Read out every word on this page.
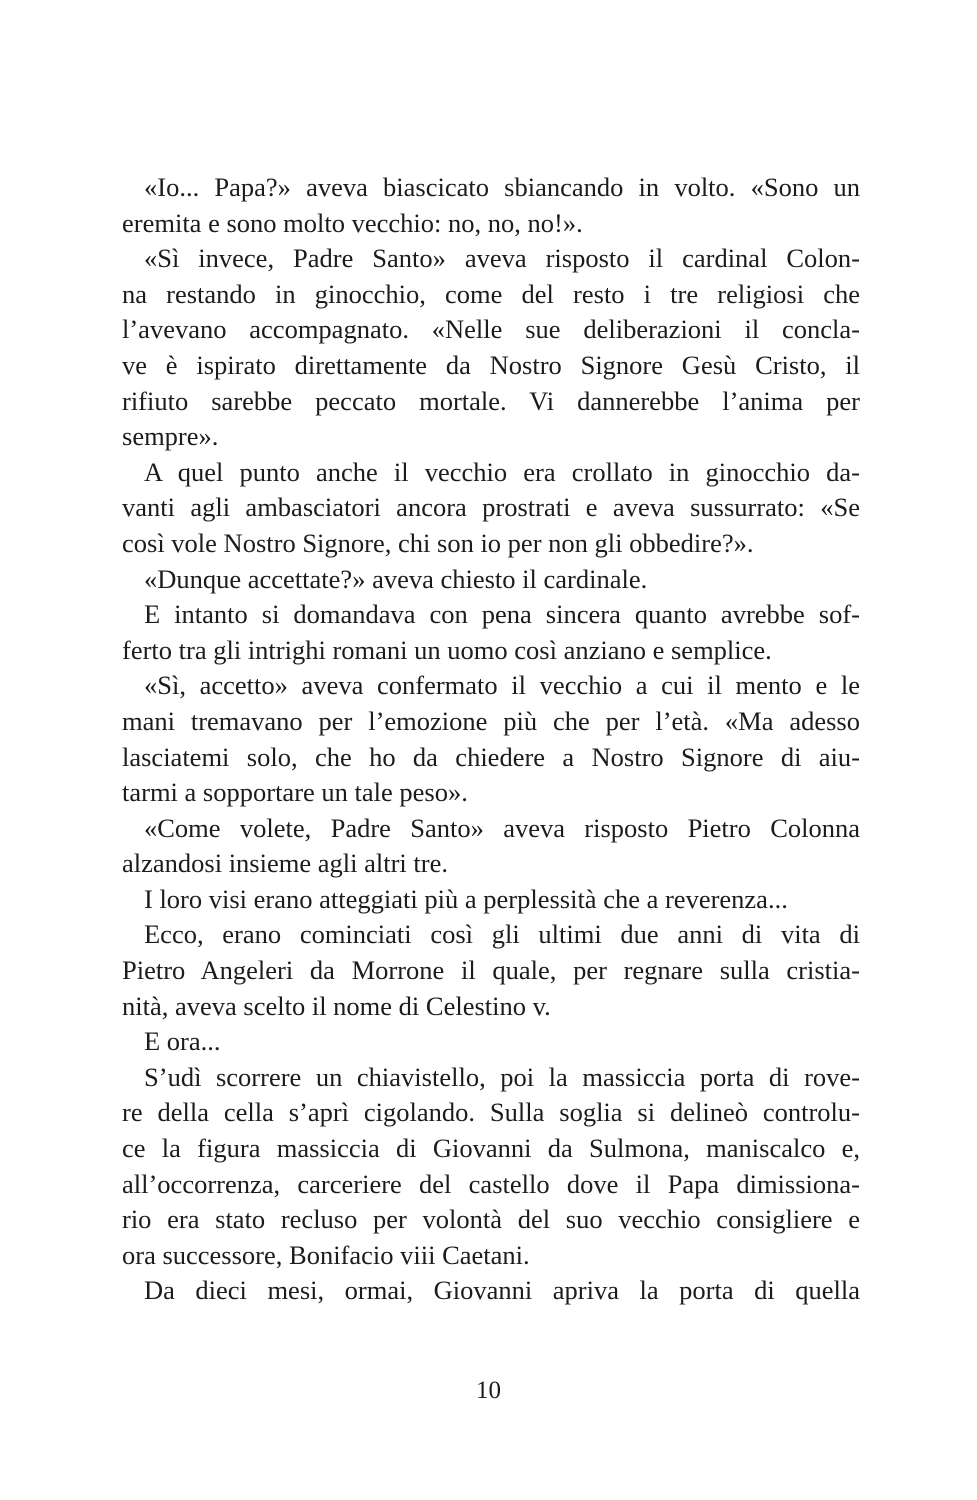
«Io... Papa?» aveva biascicato sbiancando in volto. «Sono un
eremita e sono molto vecchio: no, no, no!».
«Sì invece, Padre Santo» aveva risposto il cardinal Colon-
na restando in ginocchio, come del resto i tre religiosi che
l’avevano accompagnato. «Nelle sue deliberazioni il concla-
ve è ispirato direttamente da Nostro Signore Gesù Cristo, il
rifiuto sarebbe peccato mortale. Vi dannerebbe l’anima per
sempre».
A quel punto anche il vecchio era crollato in ginocchio da-
vanti agli ambasciatori ancora prostrati e aveva sussurrato: «Se
così vole Nostro Signore, chi son io per non gli obbedire?».
«Dunque accettate?» aveva chiesto il cardinale.
E intanto si domandava con pena sincera quanto avrebbe sof-
ferto tra gli intrighi romani un uomo così anziano e semplice.
«Sì, accetto» aveva confermato il vecchio a cui il mento e le
mani tremavano per l’emozione più che per l’età. «Ma adesso
lasciatemi solo, che ho da chiedere a Nostro Signore di aiu-
tarmi a sopportare un tale peso».
«Come volete, Padre Santo» aveva risposto Pietro Colonna
alzandosi insieme agli altri tre.
I loro visi erano atteggiati più a perplessità che a reverenza...
Ecco, erano cominciati così gli ultimi due anni di vita di
Pietro Angeleri da Morrone il quale, per regnare sulla cristia-
nità, aveva scelto il nome di Celestino v.
E ora...
S’udì scorrere un chiavistello, poi la massiccia porta di rove-
re della cella s’aprì cigolando. Sulla soglia si delineò controlu-
ce la figura massiccia di Giovanni da Sulmona, maniscalco e,
all’occorrenza, carceriere del castello dove il Papa dimissiona-
rio era stato recluso per volontà del suo vecchio consigliere e
ora successore, Bonifacio viii Caetani.
Da dieci mesi, ormai, Giovanni apriva la porta di quella
10
